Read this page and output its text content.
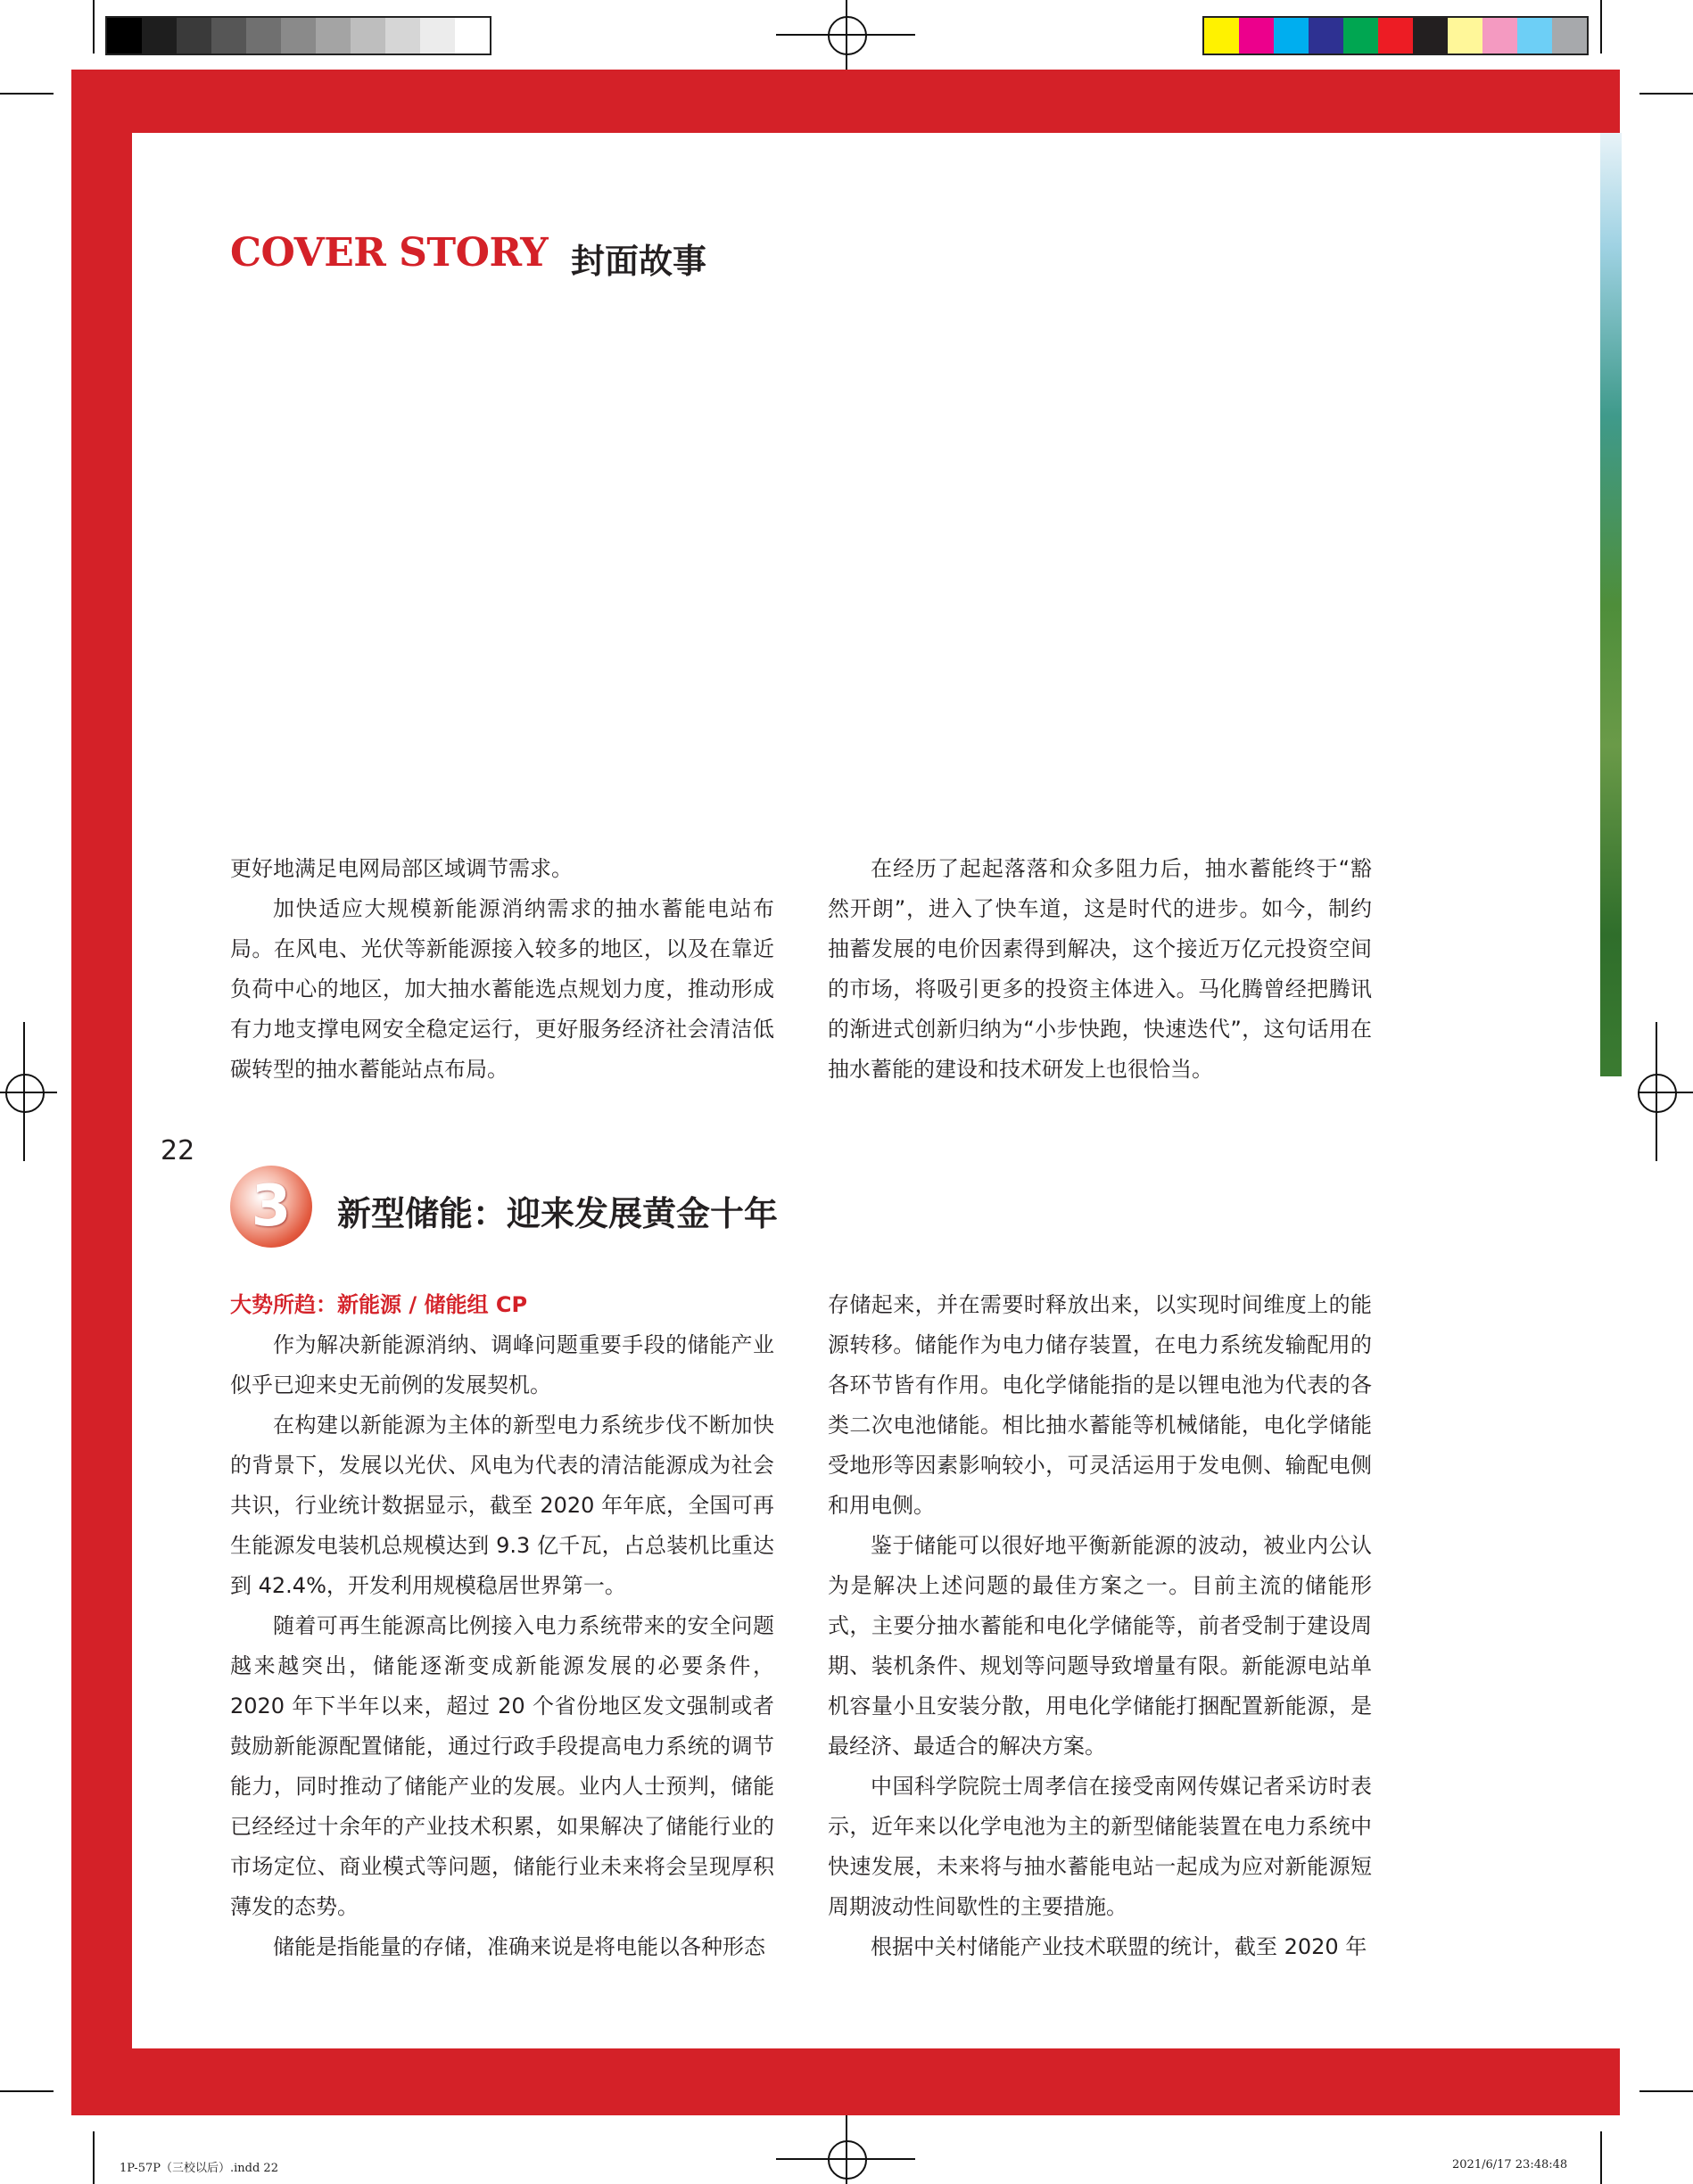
COVER STORY 封面故事

更好地满足电网局部区域调节需求。

加快适应大规模新能源消纳需求的抽水蓄能电站布局。在风电、光伏等新能源接入较多的地区，以及在靠近负荷中心的地区，加大抽水蓄能选点规划力度，推动形成有力地支撑电网安全稳定运行，更好服务经济社会清洁低碳转型的抽水蓄能站点布局。

在经历了起起落落和众多阻力后，抽水蓄能终于“豁然开朗”，进入了快车道，这是时代的进步。如今，制约抽蓄发展的电价因素得到解决，这个接近万亿元投资空间的市场，将吸引更多的投资主体进入。马化腾曾经把腾讯的渐进式创新归纳为“小步快跑，快速迭代”，这句话用在抽水蓄能的建设和技术研发上也很恰当。

22
3	新型储能：迎来发展黄金十年

大势所趋：新能源 / 储能组 CP

作为解决新能源消纳、调峰问题重要手段的储能产业似乎已迎来史无前例的发展契机。

在构建以新能源为主体的新型电力系统步伐不断加快的背景下，发展以光伏、风电为代表的清洁能源成为社会共识，行业统计数据显示，截至 2020 年年底，全国可再生能源发电装机总规模达到 9.3 亿千瓦，占总装机比重达到 42.4%，开发利用规模稳居世界第一。

随着可再生能源高比例接入电力系统带来的安全问题越来越突出，储能逐渐变成新能源发展的必要条件，2020 年下半年以来，超过 20 个省份地区发文强制或者鼓励新能源配置储能，通过行政手段提高电力系统的调节能力，同时推动了储能产业的发展。业内人士预判，储能已经经过十余年的产业技术积累，如果解决了储能行业的市场定位、商业模式等问题，储能行业未来将会呈现厚积薄发的态势。

储能是指能量的存储，准确来说是将电能以各种形态

存储起来，并在需要时释放出来，以实现时间维度上的能源转移。储能作为电力储存装置，在电力系统发输配用的各环节皆有作用。电化学储能指的是以锂电池为代表的各类二次电池储能。相比抽水蓄能等机械储能，电化学储能受地形等因素影响较小，可灵活运用于发电侧、输配电侧和用电侧。

鉴于储能可以很好地平衡新能源的波动，被业内公认为是解决上述问题的最佳方案之一。目前主流的储能形式，主要分抽水蓄能和电化学储能等，前者受制于建设周期、装机条件、规划等问题导致增量有限。新能源电站单机容量小且安装分散，用电化学储能打捆配置新能源，是最经济、最适合的解决方案。

中国科学院院士周孝信在接受南网传媒记者采访时表示，近年来以化学电池为主的新型储能装置在电力系统中快速发展，未来将与抽水蓄能电站一起成为应对新能源短周期波动性间歇性的主要措施。

根据中关村储能产业技术联盟的统计，截至 2020 年

1P-57P（三校以后）.indd 22	2021/6/17 23:48:48
